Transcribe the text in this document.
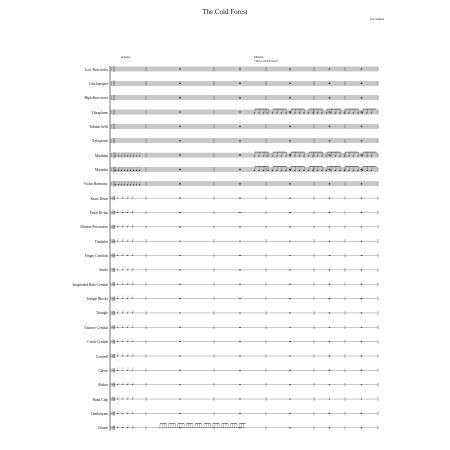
The Cold Forest
Ian Lukas
Adagio	Misura
"The Cold Forest"
Low Boss notes
Glockenspiel
High Boss notes
Vibraphone
Tubular bells
Xylophone
Marimba
Marimba
Violin Harmonic
Snare Drum
Pedal Hi-hat
Chinese Percussion
Timbales
Finger Cymbals
Surdo
Suspended Ride Cymbal
Temple Blocks
Triangle
Chinese Cymbal
Crash Cymbal
Cowbell
Claves
Shaker
Hand Clap
Tambourine
Drums
